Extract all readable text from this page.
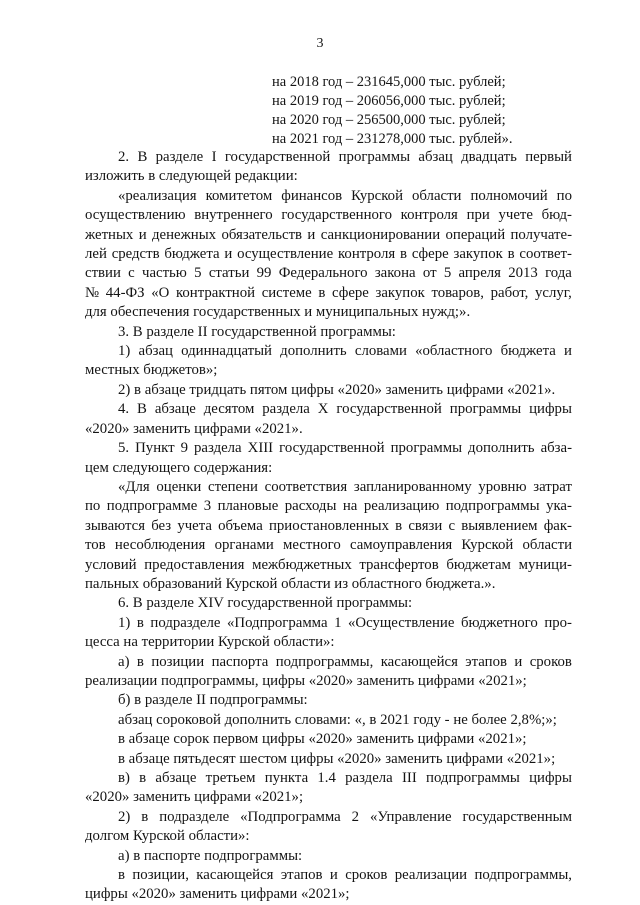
3
на 2018 год – 231645,000 тыс. рублей;
на 2019 год – 206056,000 тыс. рублей;
на 2020 год – 256500,000 тыс. рублей;
на 2021 год – 231278,000 тыс. рублей».
2. В разделе I государственной программы абзац двадцать первый
изложить в следующей редакции:
«реализация комитетом финансов Курской области полномочий по
осуществлению внутреннего государственного контроля при учете бюд-
жетных и денежных обязательств и санкционировании операций получате-
лей средств бюджета и осуществление контроля в сфере закупок в соответ-
ствии с частью 5 статьи 99 Федерального закона от 5 апреля 2013 года
№ 44-ФЗ «О контрактной системе в сфере закупок товаров, работ, услуг,
для обеспечения государственных и муниципальных нужд;».
3. В разделе II государственной программы:
1) абзац одиннадцатый дополнить словами «областного бюджета и
местных бюджетов»;
2) в абзаце тридцать пятом цифры «2020» заменить цифрами «2021».
4. В абзаце десятом раздела X государственной программы цифры
«2020» заменить цифрами «2021».
5. Пункт 9 раздела XIII государственной программы дополнить абза-
цем следующего содержания:
«Для оценки степени соответствия запланированному уровню затрат
по подпрограмме 3 плановые расходы на реализацию подпрограммы ука-
зываются без учета объема приостановленных в связи с выявлением фак-
тов несоблюдения органами местного самоуправления Курской области
условий предоставления межбюджетных трансфертов бюджетам муници-
пальных образований Курской области из областного бюджета.».
6. В разделе XIV государственной программы:
1) в подразделе «Подпрограмма 1 «Осуществление бюджетного про-
цесса на территории Курской области»:
а) в позиции паспорта подпрограммы, касающейся этапов и сроков
реализации подпрограммы, цифры «2020» заменить цифрами «2021»;
б) в разделе II подпрограммы:
абзац сороковой дополнить словами: «, в 2021 году - не более 2,8%;»;
в абзаце сорок первом цифры «2020» заменить цифрами «2021»;
в абзаце пятьдесят шестом цифры «2020» заменить цифрами «2021»;
в) в абзаце третьем пункта 1.4 раздела III подпрограммы цифры
«2020» заменить цифрами «2021»;
2) в подразделе «Подпрограмма 2 «Управление государственным
долгом Курской области»:
а) в паспорте подпрограммы:
в позиции, касающейся этапов и сроков реализации подпрограммы,
цифры «2020» заменить цифрами «2021»;
